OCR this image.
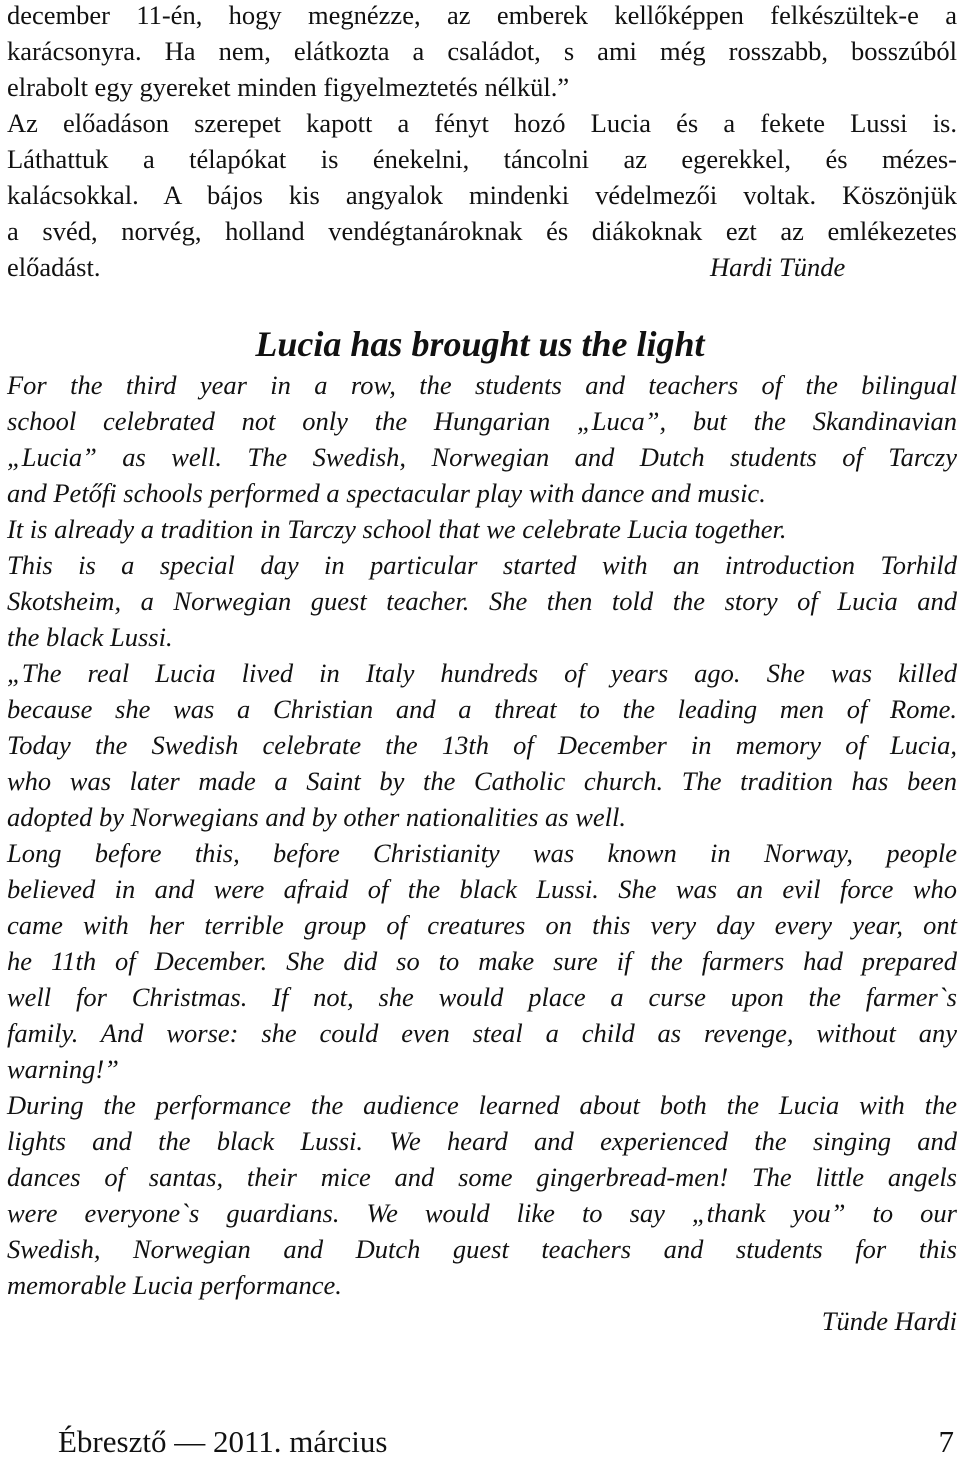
december 11-én, hogy megnézze, az emberek kellőképpen felkészültek-e a
karácsonyra. Ha nem, elátkozta a családot, s ami még rosszabb, bosszúból
elrabolt egy gyereket minden figyelmeztetés nélkül.”
Az előadáson szerepet kapott a fényt hozó Lucia és a fekete Lussi is.
Láthattuk a télapókat is énekelni, táncolni az egerekkel, és mézes-
kalácsokkal. A bájos kis angyalok mindenki védelmezői voltak. Köszönjük
a svéd, norvég, holland vendégtanároknak és diákoknak ezt az emlékezetes
előadást.	Hardi Tünde
Lucia has brought us the light
For the third year in a row, the students and teachers of the bilingual
school celebrated not only the Hungarian „Luca”, but the Skandinavian
„Lucia” as well. The Swedish, Norwegian and Dutch students of Tarczy
and Petőfi schools performed a spectacular play with dance and music.
It is already a tradition in Tarczy school that we celebrate Lucia together.
This is a special day in particular started with an introduction Torhild
Skotsheim, a Norwegian guest teacher. She then told the story of Lucia and
the black Lussi.
„The real Lucia lived in Italy hundreds of years ago. She was killed
because she was a Christian and a threat to the leading men of Rome.
Today the Swedish celebrate the 13th of December in memory of Lucia,
who was later made a Saint by the Catholic church. The tradition has been
adopted by Norwegians and by other nationalities as well.
Long before this, before Christianity was known in Norway, people
believed in and were afraid of the black Lussi. She was an evil force who
came with her terrible group of creatures on this very day every year, ont
he 11th of December. She did so to make sure if the farmers had prepared
well for Christmas. If not, she would place a curse upon the farmer`s
family. And worse: she could even steal a child as revenge, without any
warning!”
During the performance the audience learned about both the Lucia with the
lights and the black Lussi. We heard and experienced the singing and
dances of santas, their mice and some gingerbread-men! The little angels
were everyone`s guardians. We would like to say „thank you” to our
Swedish, Norwegian and Dutch guest teachers and students for this
memorable Lucia performance.
Tünde Hardi
Ébresztő — 2011. március	7
